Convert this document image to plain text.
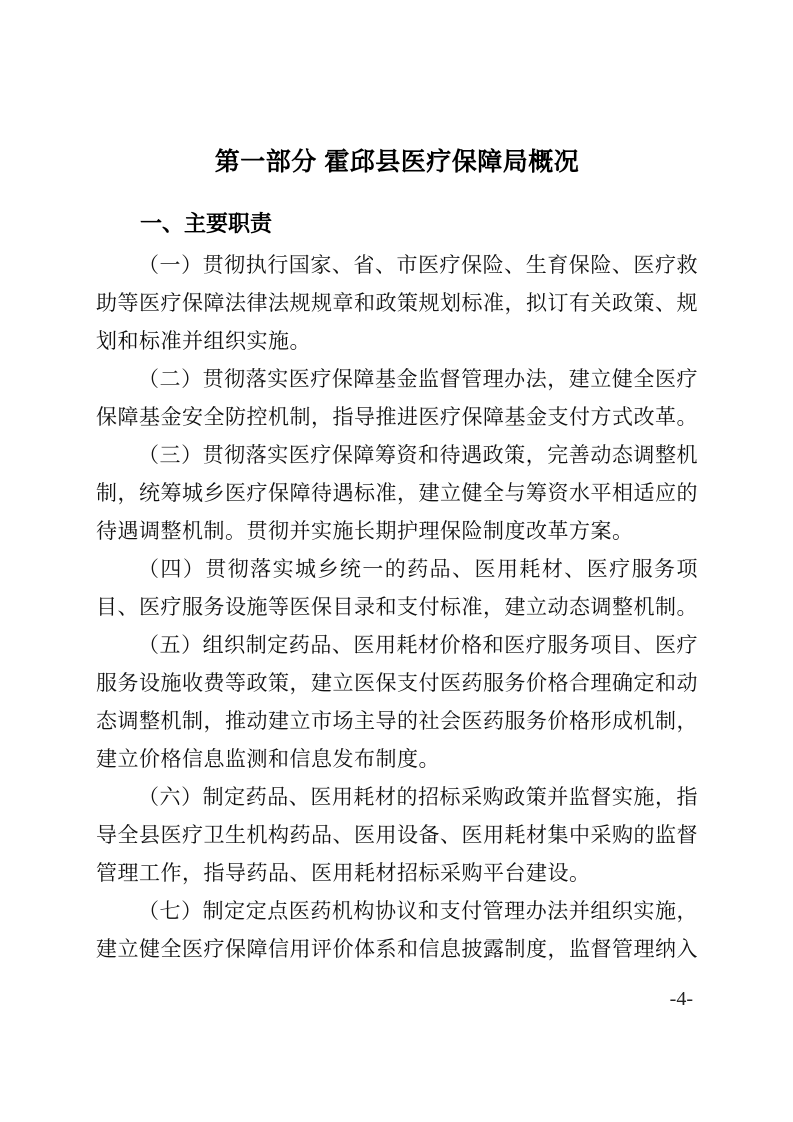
第一部分 霍邱县医疗保障局概况
一、主要职责

（一）贯彻执行国家、省、市医疗保险、生育保险、医疗救助等医疗保障法律法规规章和政策规划标准，拟订有关政策、规划和标准并组织实施。

（二）贯彻落实医疗保障基金监督管理办法，建立健全医疗保障基金安全防控机制，指导推进医疗保障基金支付方式改革。

（三）贯彻落实医疗保障筹资和待遇政策，完善动态调整机制，统筹城乡医疗保障待遇标准，建立健全与筹资水平相适应的待遇调整机制。贯彻并实施长期护理保险制度改革方案。

（四）贯彻落实城乡统一的药品、医用耗材、医疗服务项目、医疗服务设施等医保目录和支付标准，建立动态调整机制。

（五）组织制定药品、医用耗材价格和医疗服务项目、医疗服务设施收费等政策，建立医保支付医药服务价格合理确定和动态调整机制，推动建立市场主导的社会医药服务价格形成机制，建立价格信息监测和信息发布制度。

（六）制定药品、医用耗材的招标采购政策并监督实施，指导全县医疗卫生机构药品、医用设备、医用耗材集中采购的监督管理工作，指导药品、医用耗材招标采购平台建设。

（七）制定定点医药机构协议和支付管理办法并组织实施，建立健全医疗保障信用评价体系和信息披露制度，监督管理纳入

-4-
